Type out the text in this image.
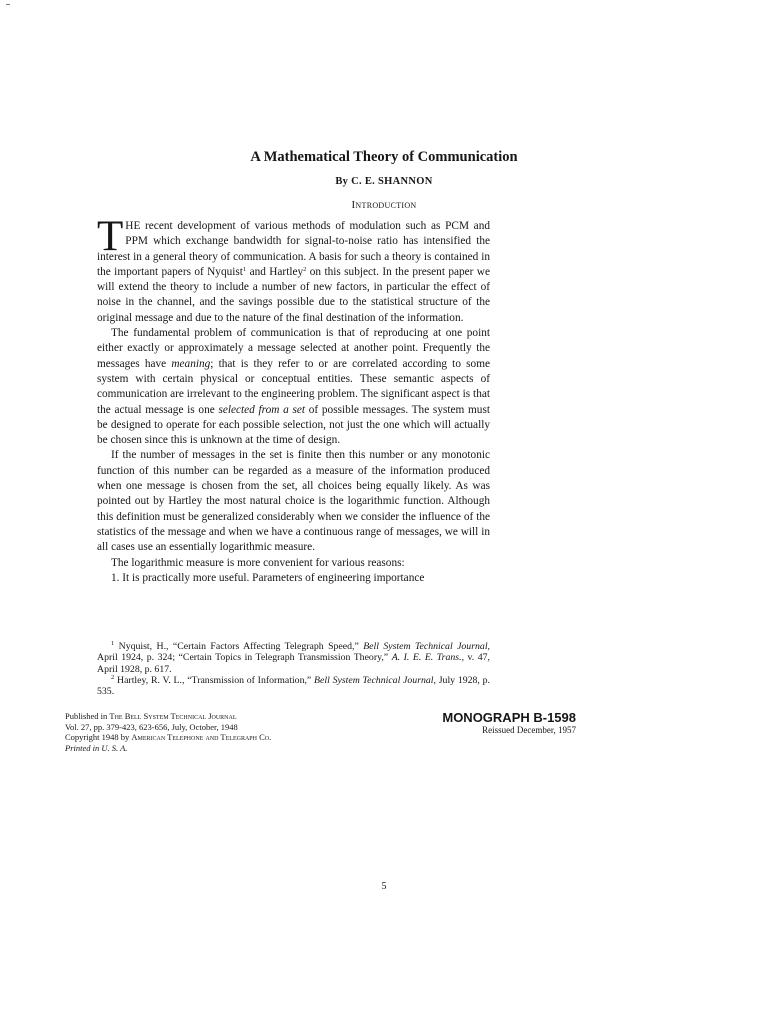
A Mathematical Theory of Communication
By C. E. SHANNON
Introduction

THE recent development of various methods of modulation such as PCM and PPM which exchange bandwidth for signal-to-noise ratio has intensified the interest in a general theory of communication. A basis for such a theory is contained in the important papers of Nyquist$^1$ and Hartley$^2$ on this subject. In the present paper we will extend the theory to include a number of new factors, in particular the effect of noise in the channel, and the savings possible due to the statistical structure of the original message and due to the nature of the final destination of the information.

The fundamental problem of communication is that of reproducing at one point either exactly or approximately a message selected at another point. Frequently the messages have meaning; that is they refer to or are correlated according to some system with certain physical or conceptual entities. These semantic aspects of communication are irrelevant to the engineering problem. The significant aspect is that the actual message is one selected from a set of possible messages. The system must be designed to operate for each possible selection, not just the one which will actually be chosen since this is unknown at the time of design.

If the number of messages in the set is finite then this number or any monotonic function of this number can be regarded as a measure of the information produced when one message is chosen from the set, all choices being equally likely. As was pointed out by Hartley the most natural choice is the logarithmic function. Although this definition must be generalized considerably when we consider the influence of the statistics of the message and when we have a continuous range of messages, we will in all cases use an essentially logarithmic measure.

The logarithmic measure is more convenient for various reasons:

1. It is practically more useful. Parameters of engineering importance

$^1$ Nyquist, H., “Certain Factors Affecting Telegraph Speed,” Bell System Technical Journal, April 1924, p. 324; “Certain Topics in Telegraph Transmission Theory,” A. I. E. E. Trans., v. 47, April 1928, p. 617.

$^2$ Hartley, R. V. L., “Transmission of Information,” Bell System Technical Journal, July 1928, p. 535.

Published in The Bell System Technical Journal
Vol. 27, pp. 379-423, 623-656, July, October, 1948
Copyright 1948 by American Telephone and Telegraph Co.
Printed in U. S. A.
MONOGRAPH B-1598
Reissued December, 1957
5
